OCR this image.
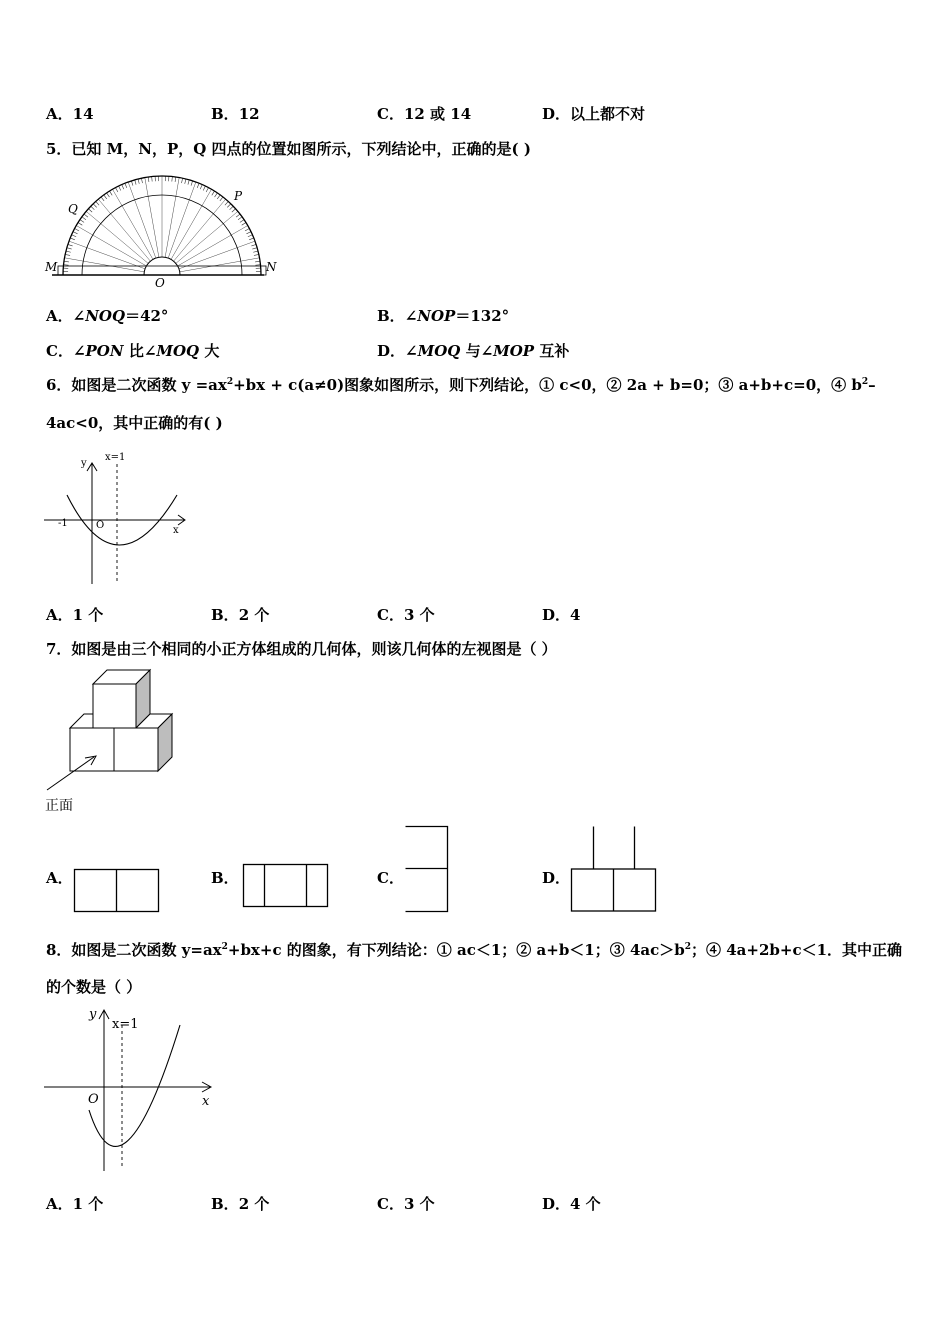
A．14	B．12	C．12 或 14	D．以上都不对
5．已知 M，N，P，Q 四点的位置如图所示，下列结论中，正确的是( )
M	N
O
Q
P
A．∠NOQ＝42°	B．∠NOP＝132°
C．∠PON 比∠MOQ 大	D．∠MOQ 与∠MOP 互补
6．如图是二次函数 $y =ax^2+bx + c(a\ne 0)$图象如图所示，则下列结论，① c<0，② 2a + b=0；③ a+b+c=0，④ $b^2-$
4ac<0，其中正确的有( )
y
x=1
-1	O	x
A．1 个	B．2 个	C．3 个	D．4
7．如图是由三个相同的小正方体组成的几何体，则该几何体的左视图是（ ）
正面
A．	B．	C．	D．
8．如图是二次函数 $y=ax^2+bx+c$ 的图象，有下列结论：① ac＜1；② a+b＜1；③ $4ac>b^2$；④ 4a+2b+c＜1．其中正确
的个数是（ ）
y
x=1
O	x
A．1 个	B．2 个	C．3 个	D．4 个
